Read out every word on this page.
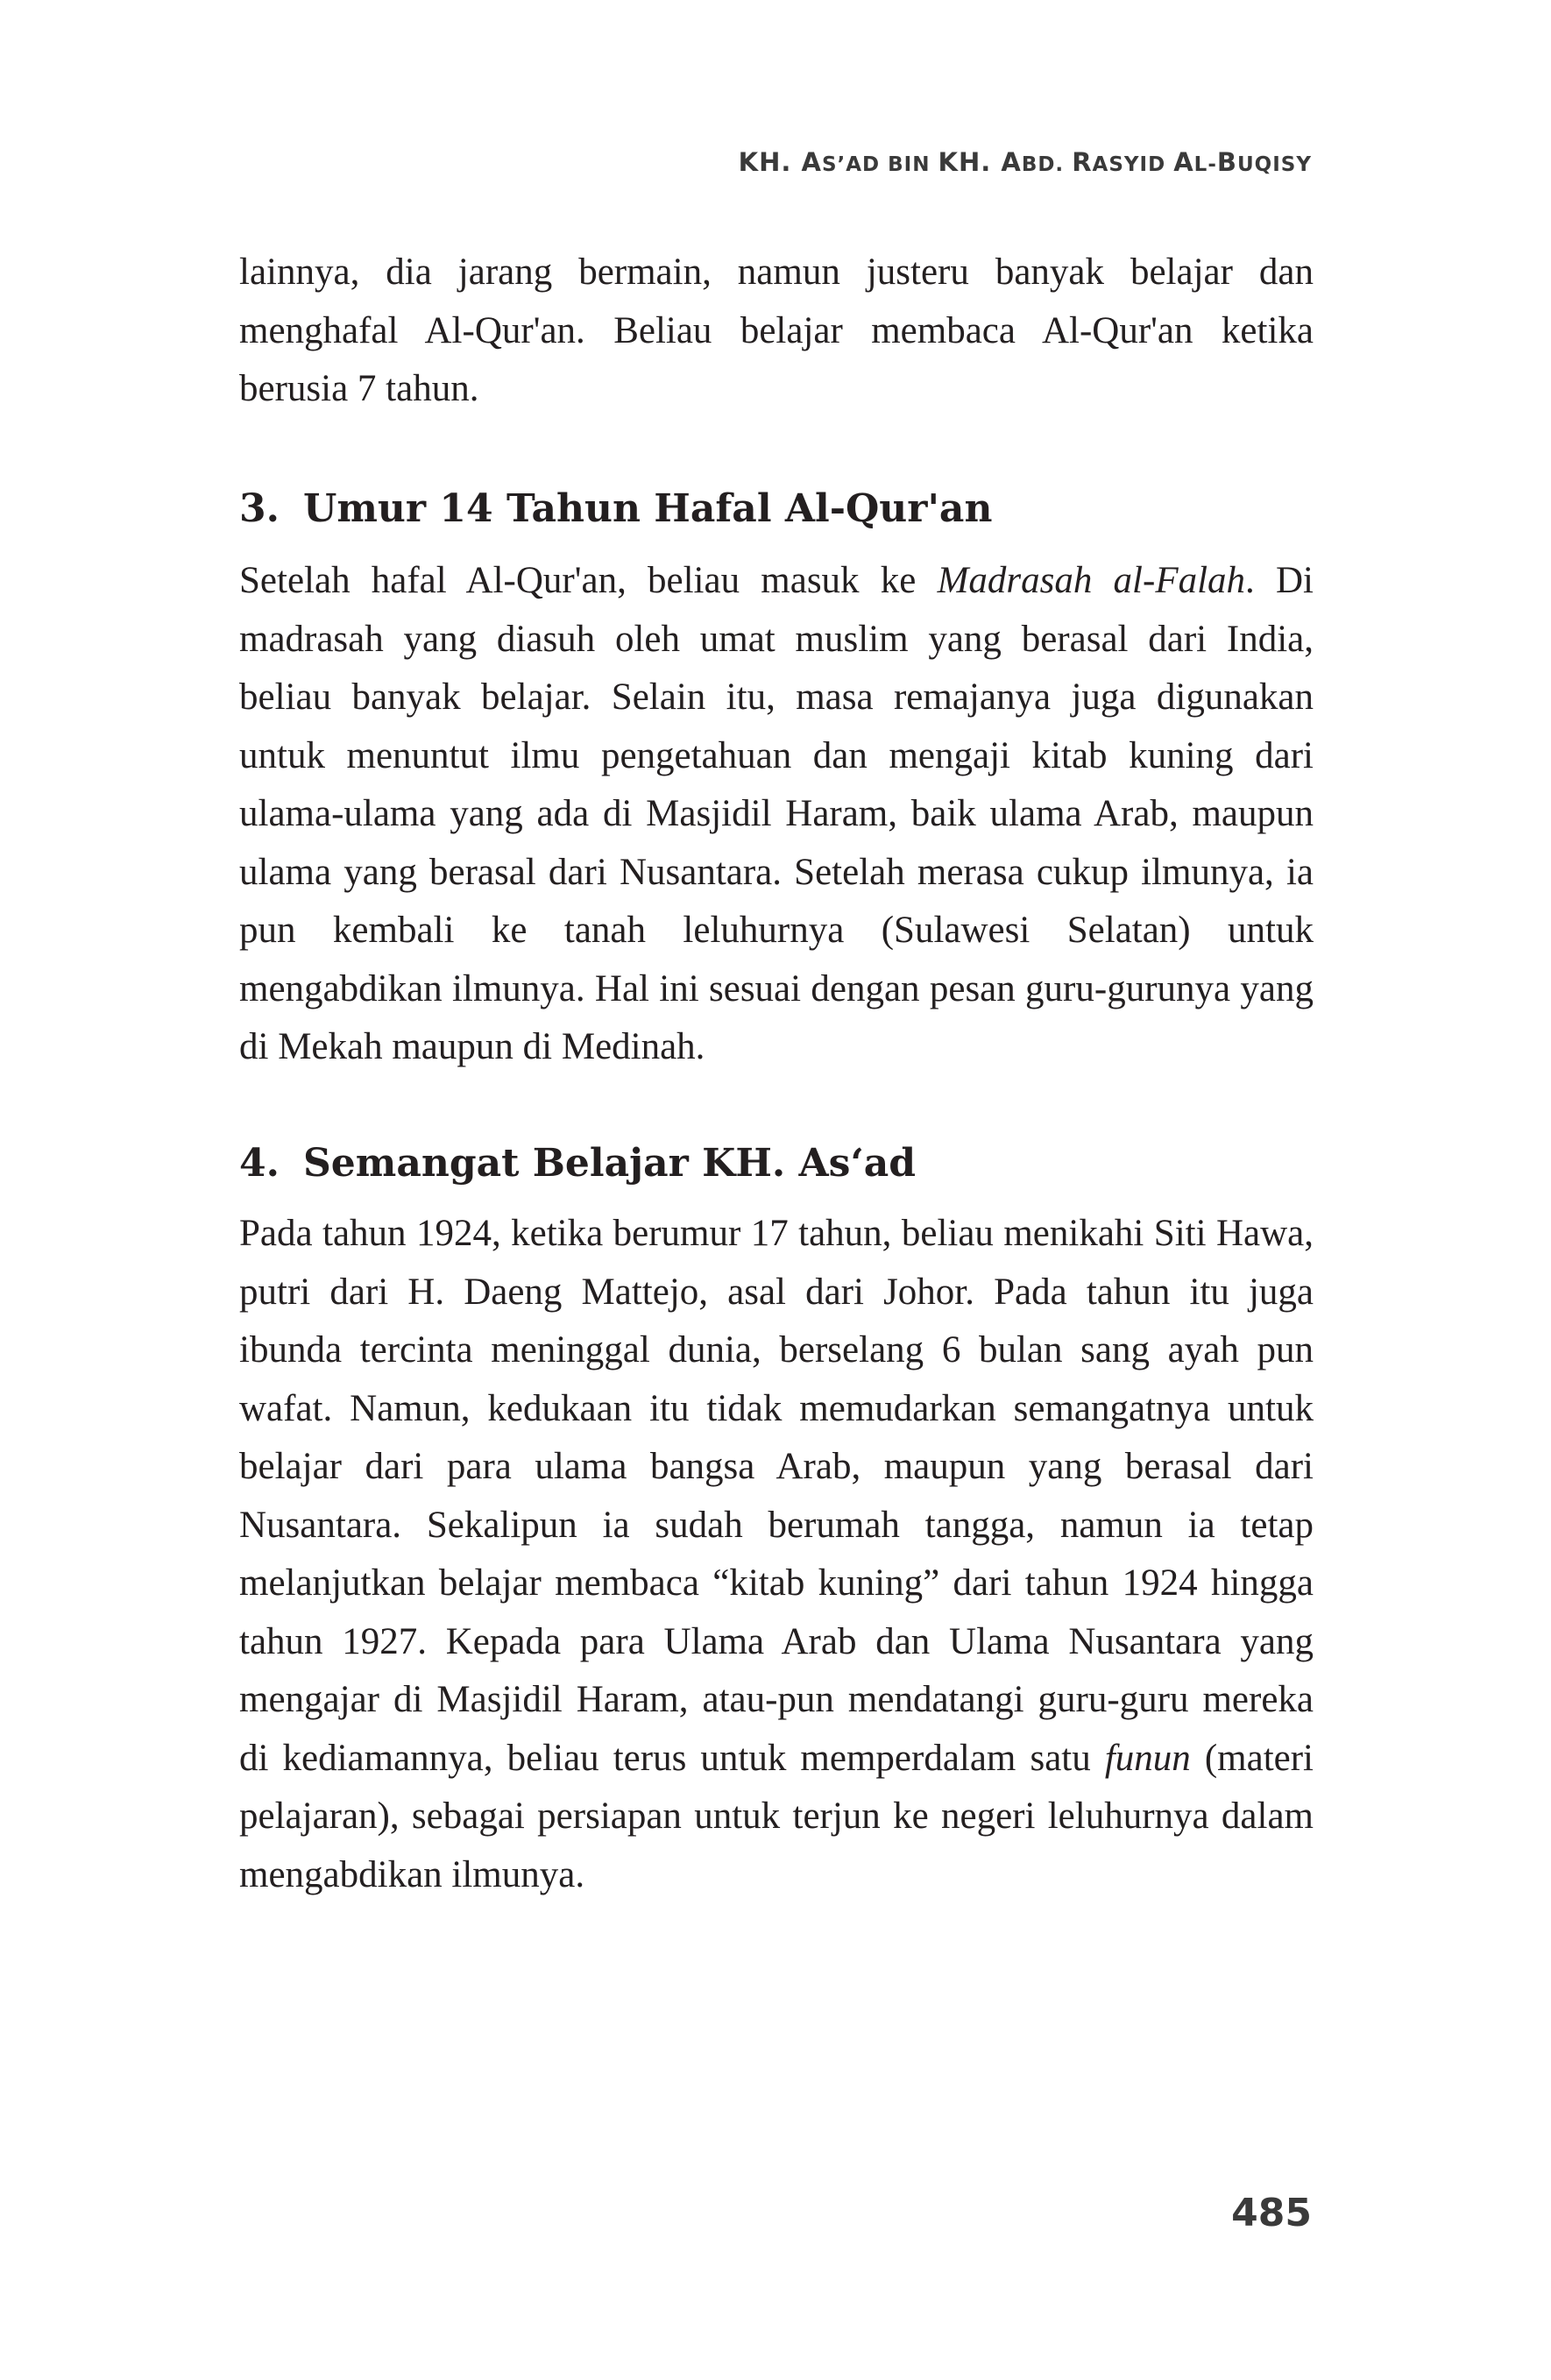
KH. AS’AD BIN KH. ABD. RASYID AL-BUQISY

lainnya, dia jarang bermain, namun justeru banyak belajar dan menghafal Al-Qur'an. Beliau belajar membaca Al-Qur'an ketika berusia 7 tahun.

3. Umur 14 Tahun Hafal Al-Qur'an

Setelah hafal Al-Qur'an, beliau masuk ke Madrasah al-Falah. Di madrasah yang diasuh oleh umat muslim yang berasal dari India, beliau banyak belajar. Selain itu, masa remajanya juga digunakan untuk menuntut ilmu pengetahuan dan mengaji kitab kuning dari ulama-ulama yang ada di Masjidil Haram, baik ulama Arab, maupun ulama yang berasal dari Nusantara. Setelah merasa cukup ilmunya, ia pun kembali ke tanah leluhurnya (Sulawesi Selatan) untuk mengabdikan ilmunya. Hal ini sesuai dengan pesan guru-gurunya yang di Mekah maupun di Medinah.

4. Semangat Belajar KH. As‘ad

Pada tahun 1924, ketika berumur 17 tahun, beliau menikahi Siti Hawa, putri dari H. Daeng Mattejo, asal dari Johor. Pada tahun itu juga ibunda tercinta meninggal dunia, berselang 6 bulan sang ayah pun wafat. Namun, kedukaan itu tidak memudarkan semangatnya untuk belajar dari para ulama bangsa Arab, maupun yang berasal dari Nusantara. Sekalipun ia sudah berumah tangga, namun ia tetap melanjutkan belajar membaca “kitab kuning” dari tahun 1924 hingga tahun 1927. Kepada para Ulama Arab dan Ulama Nusantara yang mengajar di Masjidil Haram, atau-pun mendatangi guru-guru mereka di kediamannya, beliau terus untuk memperdalam satu funun (materi pelajaran), sebagai persiapan untuk terjun ke negeri leluhurnya dalam mengabdikan ilmunya.

485
